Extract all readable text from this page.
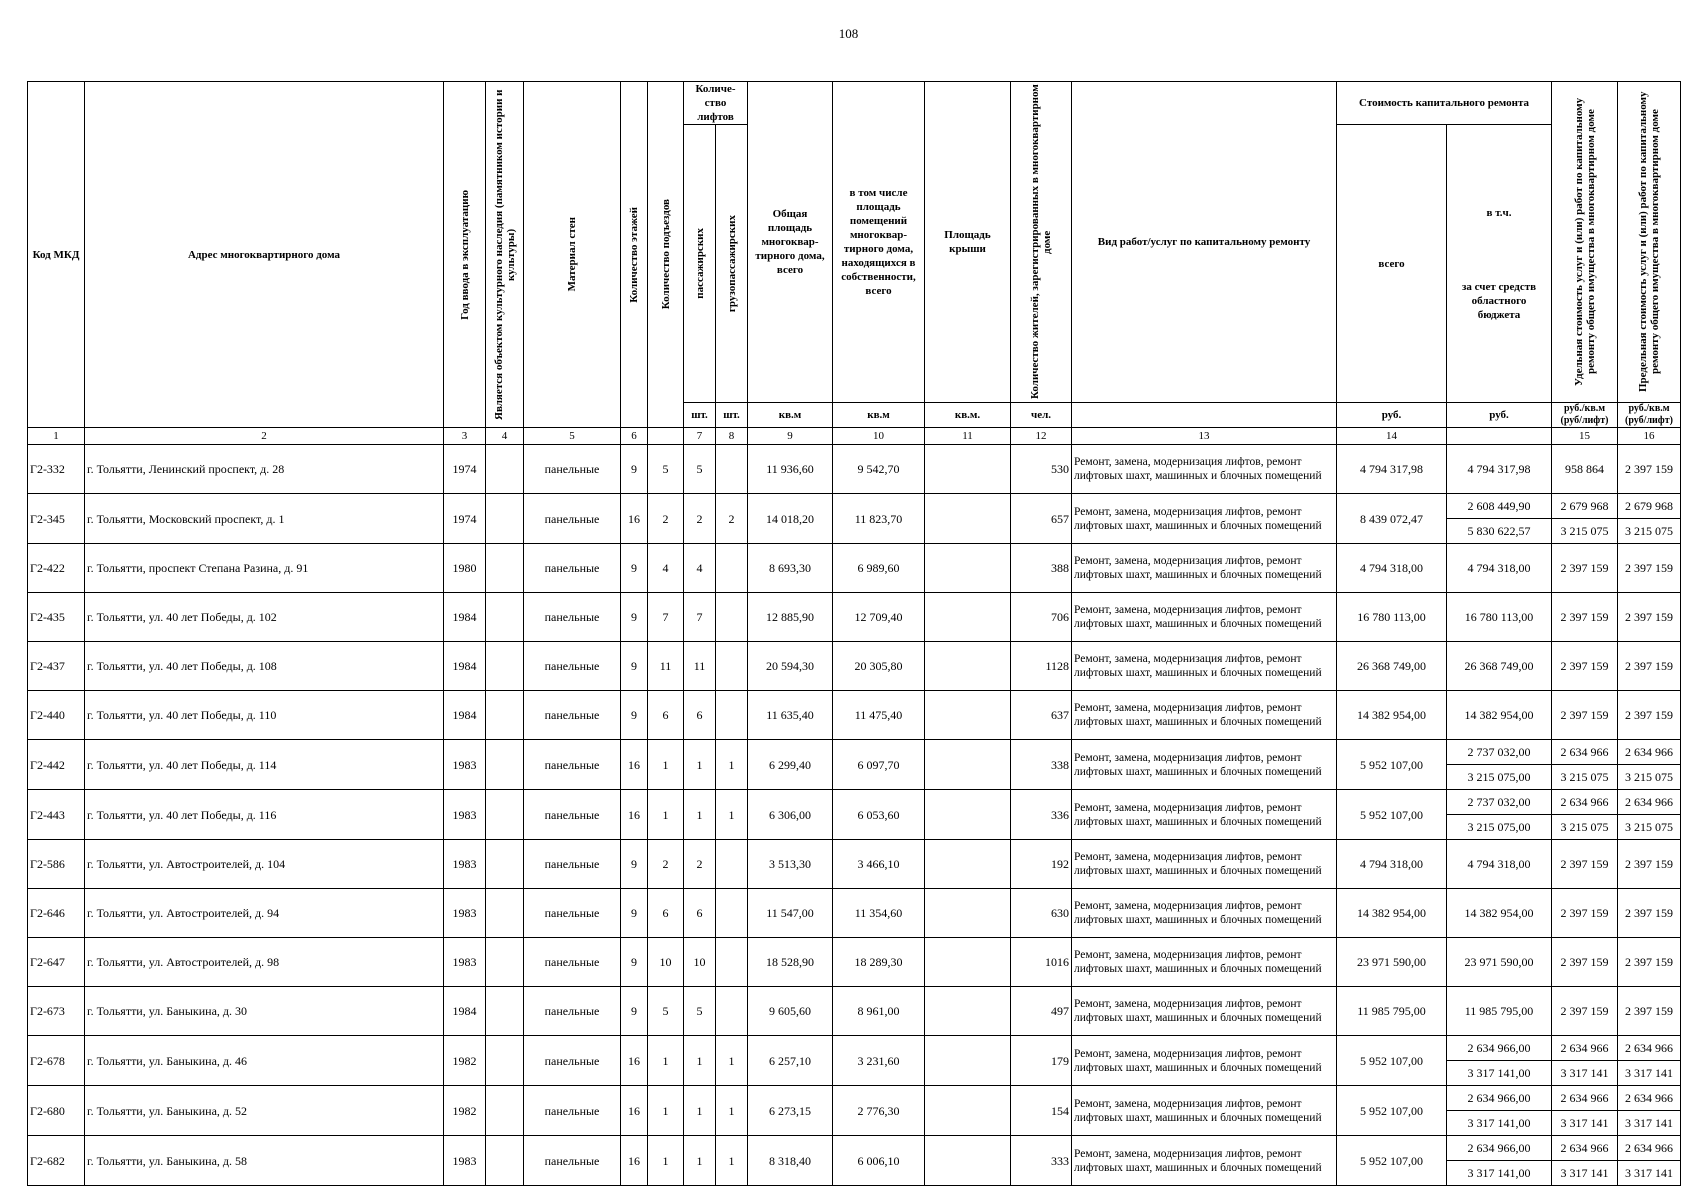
108
Код МКД	Адрес многоквартирного дома	Год ввода в эксплуатацию	Является объектом культурного наследия (памятником истории и культуры)	Материал стен	Количество этажей	Количество подъездов	Количе-ство лифтов		Общая площадь многоквар-тирного дома, всего	в том числе площадь помещений многоквар-тирного дома, находящихся в собственности, всего	Площадь крыши	Количество жителей, зарегистрированных в многоквартирном доме	Вид работ/услуг по капитальному ремонту	Стоимость капитального ремонта		Удельная стоимость услуг и (или) работ по капитальному ремонту общего имущества в многоквартирном доме	Предельная стоимость услуг и (или) работ по капитальному ремонту общего имущества в многоквартирном доме

							пассажирских	грузопассажирских						всего	в т.ч.
за счет средств областного бюджета		

							шт.	шт.	кв.м	кв.м	кв.м.	чел.		руб.	руб.	руб./кв.м (руб/лифт)	руб./кв.м (руб/лифт)
1	2	3	4	5	6		7	8	9	10	11	12	13	14		15	16
Г2-332	г. Тольятти, Ленинский проспект, д. 28	1974		панельные	9	5	5		11 936,60	9 542,70		530	Ремонт, замена, модернизация лифтов, ремонт лифтовых шахт, машинных и блочных помещений	4 794 317,98	4 794 317,98	958 864	2 397 159
Г2-345	г. Тольятти, Московский проспект, д. 1	1974		панельные	16	2	2	2	14 018,20	11 823,70		657	Ремонт, замена, модернизация лифтов, ремонт лифтовых шахт, машинных и блочных помещений	8 439 072,47	2 608 449,90	2 679 968	2 679 968
															5 830 622,57	3 215 075	3 215 075
Г2-422	г. Тольятти, проспект Степана Разина, д. 91	1980		панельные	9	4	4		8 693,30	6 989,60		388	Ремонт, замена, модернизация лифтов, ремонт лифтовых шахт, машинных и блочных помещений	4 794 318,00	4 794 318,00	2 397 159	2 397 159
Г2-435	г. Тольятти, ул. 40 лет Победы, д. 102	1984		панельные	9	7	7		12 885,90	12 709,40		706	Ремонт, замена, модернизация лифтов, ремонт лифтовых шахт, машинных и блочных помещений	16 780 113,00	16 780 113,00	2 397 159	2 397 159
Г2-437	г. Тольятти, ул. 40 лет Победы, д. 108	1984		панельные	9	11	11		20 594,30	20 305,80		1128	Ремонт, замена, модернизация лифтов, ремонт лифтовых шахт, машинных и блочных помещений	26 368 749,00	26 368 749,00	2 397 159	2 397 159
Г2-440	г. Тольятти, ул. 40 лет Победы, д. 110	1984		панельные	9	6	6		11 635,40	11 475,40		637	Ремонт, замена, модернизация лифтов, ремонт лифтовых шахт, машинных и блочных помещений	14 382 954,00	14 382 954,00	2 397 159	2 397 159
Г2-442	г. Тольятти, ул. 40 лет Победы, д. 114	1983		панельные	16	1	1	1	6 299,40	6 097,70		338	Ремонт, замена, модернизация лифтов, ремонт лифтовых шахт, машинных и блочных помещений	5 952 107,00	2 737 032,00	2 634 966	2 634 966
															3 215 075,00	3 215 075	3 215 075
Г2-443	г. Тольятти, ул. 40 лет Победы, д. 116	1983		панельные	16	1	1	1	6 306,00	6 053,60		336	Ремонт, замена, модернизация лифтов, ремонт лифтовых шахт, машинных и блочных помещений	5 952 107,00	2 737 032,00	2 634 966	2 634 966
															3 215 075,00	3 215 075	3 215 075
Г2-586	г. Тольятти, ул. Автостроителей, д. 104	1983		панельные	9	2	2		3 513,30	3 466,10		192	Ремонт, замена, модернизация лифтов, ремонт лифтовых шахт, машинных и блочных помещений	4 794 318,00	4 794 318,00	2 397 159	2 397 159
Г2-646	г. Тольятти, ул. Автостроителей, д. 94	1983		панельные	9	6	6		11 547,00	11 354,60		630	Ремонт, замена, модернизация лифтов, ремонт лифтовых шахт, машинных и блочных помещений	14 382 954,00	14 382 954,00	2 397 159	2 397 159
Г2-647	г. Тольятти, ул. Автостроителей, д. 98	1983		панельные	9	10	10		18 528,90	18 289,30		1016	Ремонт, замена, модернизация лифтов, ремонт лифтовых шахт, машинных и блочных помещений	23 971 590,00	23 971 590,00	2 397 159	2 397 159
Г2-673	г. Тольятти, ул. Баныкина, д. 30	1984		панельные	9	5	5		9 605,60	8 961,00		497	Ремонт, замена, модернизация лифтов, ремонт лифтовых шахт, машинных и блочных помещений	11 985 795,00	11 985 795,00	2 397 159	2 397 159
Г2-678	г. Тольятти, ул. Баныкина, д. 46	1982		панельные	16	1	1	1	6 257,10	3 231,60		179	Ремонт, замена, модернизация лифтов, ремонт лифтовых шахт, машинных и блочных помещений	5 952 107,00	2 634 966,00	2 634 966	2 634 966
															3 317 141,00	3 317 141	3 317 141
Г2-680	г. Тольятти, ул. Баныкина, д. 52	1982		панельные	16	1	1	1	6 273,15	2 776,30		154	Ремонт, замена, модернизация лифтов, ремонт лифтовых шахт, машинных и блочных помещений	5 952 107,00	2 634 966,00	2 634 966	2 634 966
															3 317 141,00	3 317 141	3 317 141
Г2-682	г. Тольятти, ул. Баныкина, д. 58	1983		панельные	16	1	1	1	8 318,40	6 006,10		333	Ремонт, замена, модернизация лифтов, ремонт лифтовых шахт, машинных и блочных помещений	5 952 107,00	2 634 966,00	2 634 966	2 634 966
															3 317 141,00	3 317 141	3 317 141
